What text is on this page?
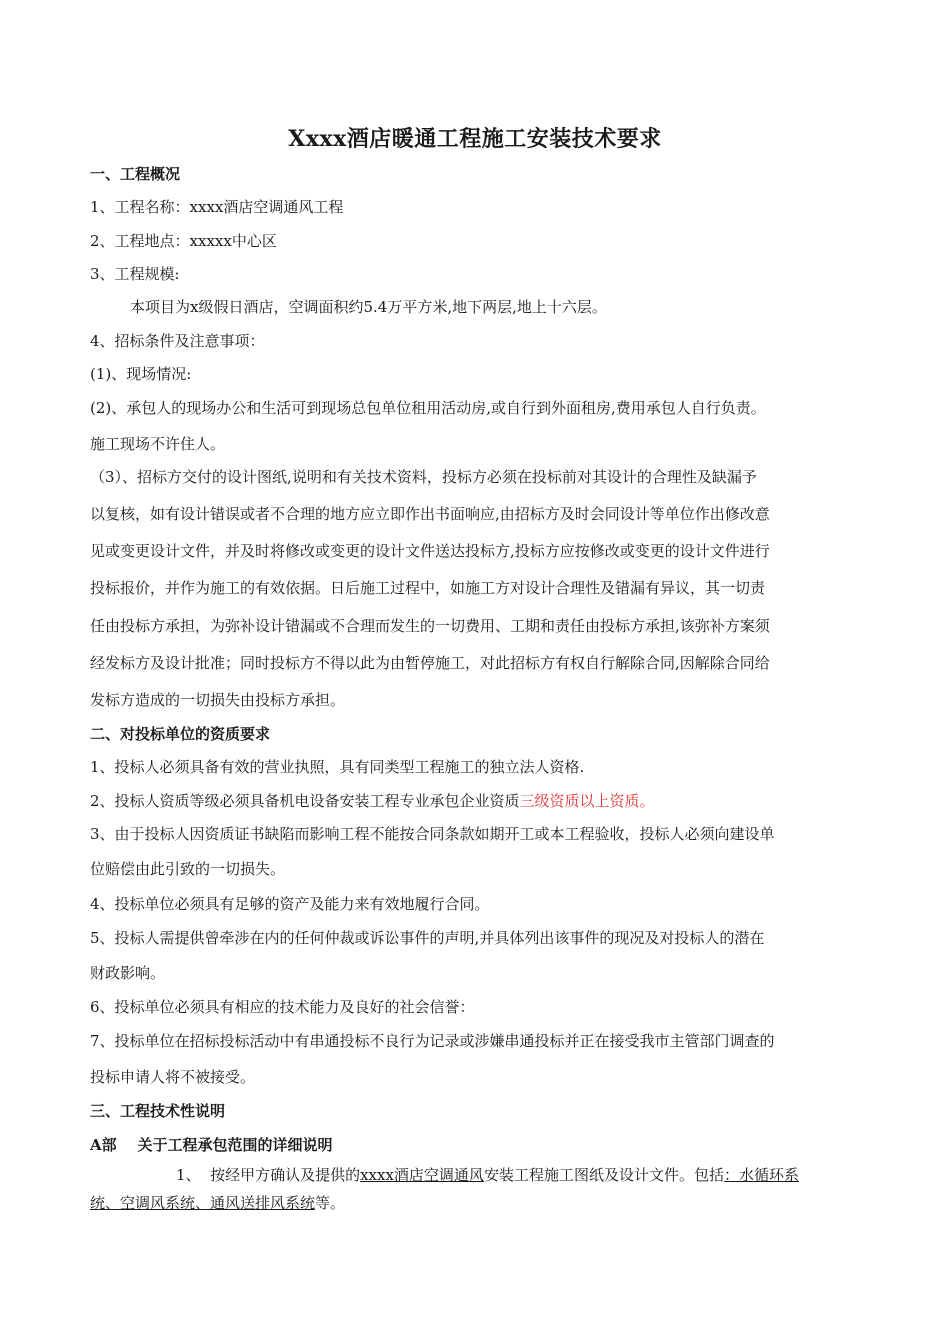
Xxxx酒店暖通工程施工安装技术要求
一、工程概况
1、工程名称：xxxx酒店空调通风工程
2、工程地点：xxxxx中心区
3、工程规模:
本项目为x级假日酒店，空调面积约5.4万平方米,地下两层,地上十六层。
4、招标条件及注意事项：
(1)、现场情况:
(2)、承包人的现场办公和生活可到现场总包单位租用活动房,或自行到外面租房,费用承包人自行负责。
施工现场不许住人。
（3）、招标方交付的设计图纸,说明和有关技术资料，投标方必须在投标前对其设计的合理性及缺漏予
以复核，如有设计错误或者不合理的地方应立即作出书面响应,由招标方及时会同设计等单位作出修改意
见或变更设计文件，并及时将修改或变更的设计文件送达投标方,投标方应按修改或变更的设计文件进行
投标报价，并作为施工的有效依据。日后施工过程中，如施工方对设计合理性及错漏有异议，其一切责
任由投标方承担，为弥补设计错漏或不合理而发生的一切费用、工期和责任由投标方承担,该弥补方案须
经发标方及设计批准；同时投标方不得以此为由暂停施工，对此招标方有权自行解除合同,因解除合同给
发标方造成的一切损失由投标方承担。
二、对投标单位的资质要求
1、投标人必须具备有效的营业执照，具有同类型工程施工的独立法人资格.
2、投标人资质等级必须具备机电设备安装工程专业承包企业资质三级资质以上资质。
3、由于投标人因资质证书缺陷而影响工程不能按合同条款如期开工或本工程验收，投标人必须向建设单
位赔偿由此引致的一切损失。
4、投标单位必须具有足够的资产及能力来有效地履行合同。
5、投标人需提供曾牵涉在内的任何仲裁或诉讼事件的声明,并具体列出该事件的现况及对投标人的潜在
财政影响。
6、投标单位必须具有相应的技术能力及良好的社会信誉：
7、投标单位在招标投标活动中有串通投标不良行为记录或涉嫌串通投标并正在接受我市主管部门调查的
投标申请人将不被接受。
三、工程技术性说明
A部    关于工程承包范围的详细说明
1、  按经甲方确认及提供的xxxx酒店空调通风安装工程施工图纸及设计文件。包括：水循环系
统、空调风系统、通风送排风系统等。
